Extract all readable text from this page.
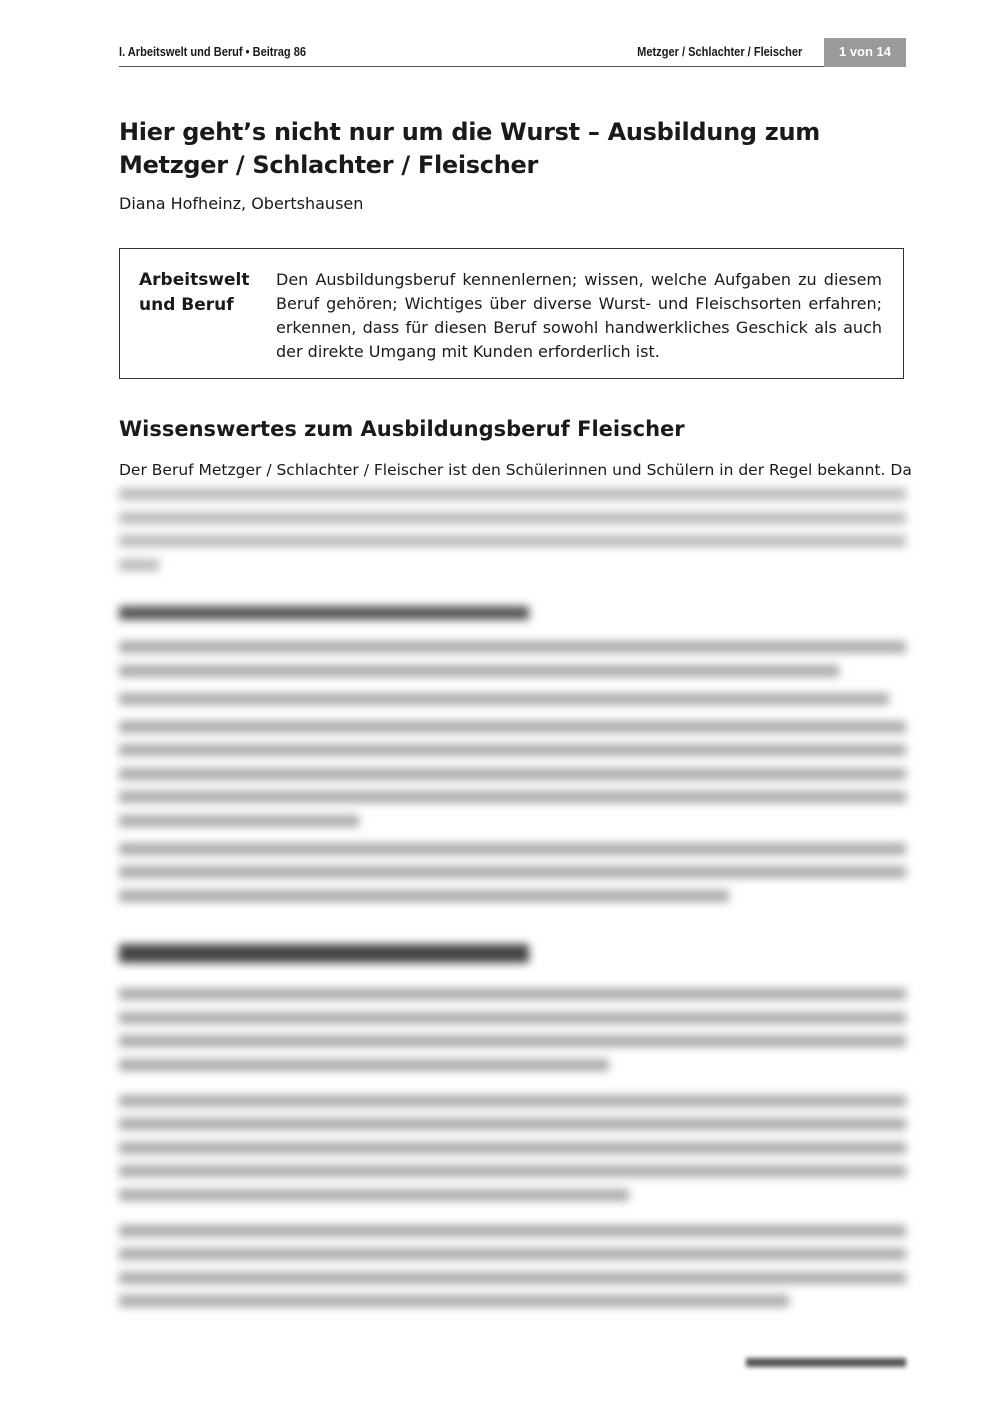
I. Arbeitswelt und Beruf • Beitrag 86	Metzger / Schlachter / Fleischer	1 von 14
Hier geht’s nicht nur um die Wurst – Ausbildung zum
Metzger / Schlachter / Fleischer
Diana Hofheinz, Obertshausen
Arbeitswelt
und Beruf
Den Ausbildungsberuf kennenlernen; wissen, welche Aufgaben zu diesem Beruf gehören; Wichtiges über diverse Wurst- und Fleischsorten erfahren; erkennen, dass für diesen Beruf sowohl handwerkliches Geschick als auch der direkte Umgang mit Kunden erforderlich ist.
Wissenswertes zum Ausbildungsberuf Fleischer
Der Beruf Metzger / Schlachter / Fleischer ist den Schülerinnen und Schülern in der Regel bekannt. Da
